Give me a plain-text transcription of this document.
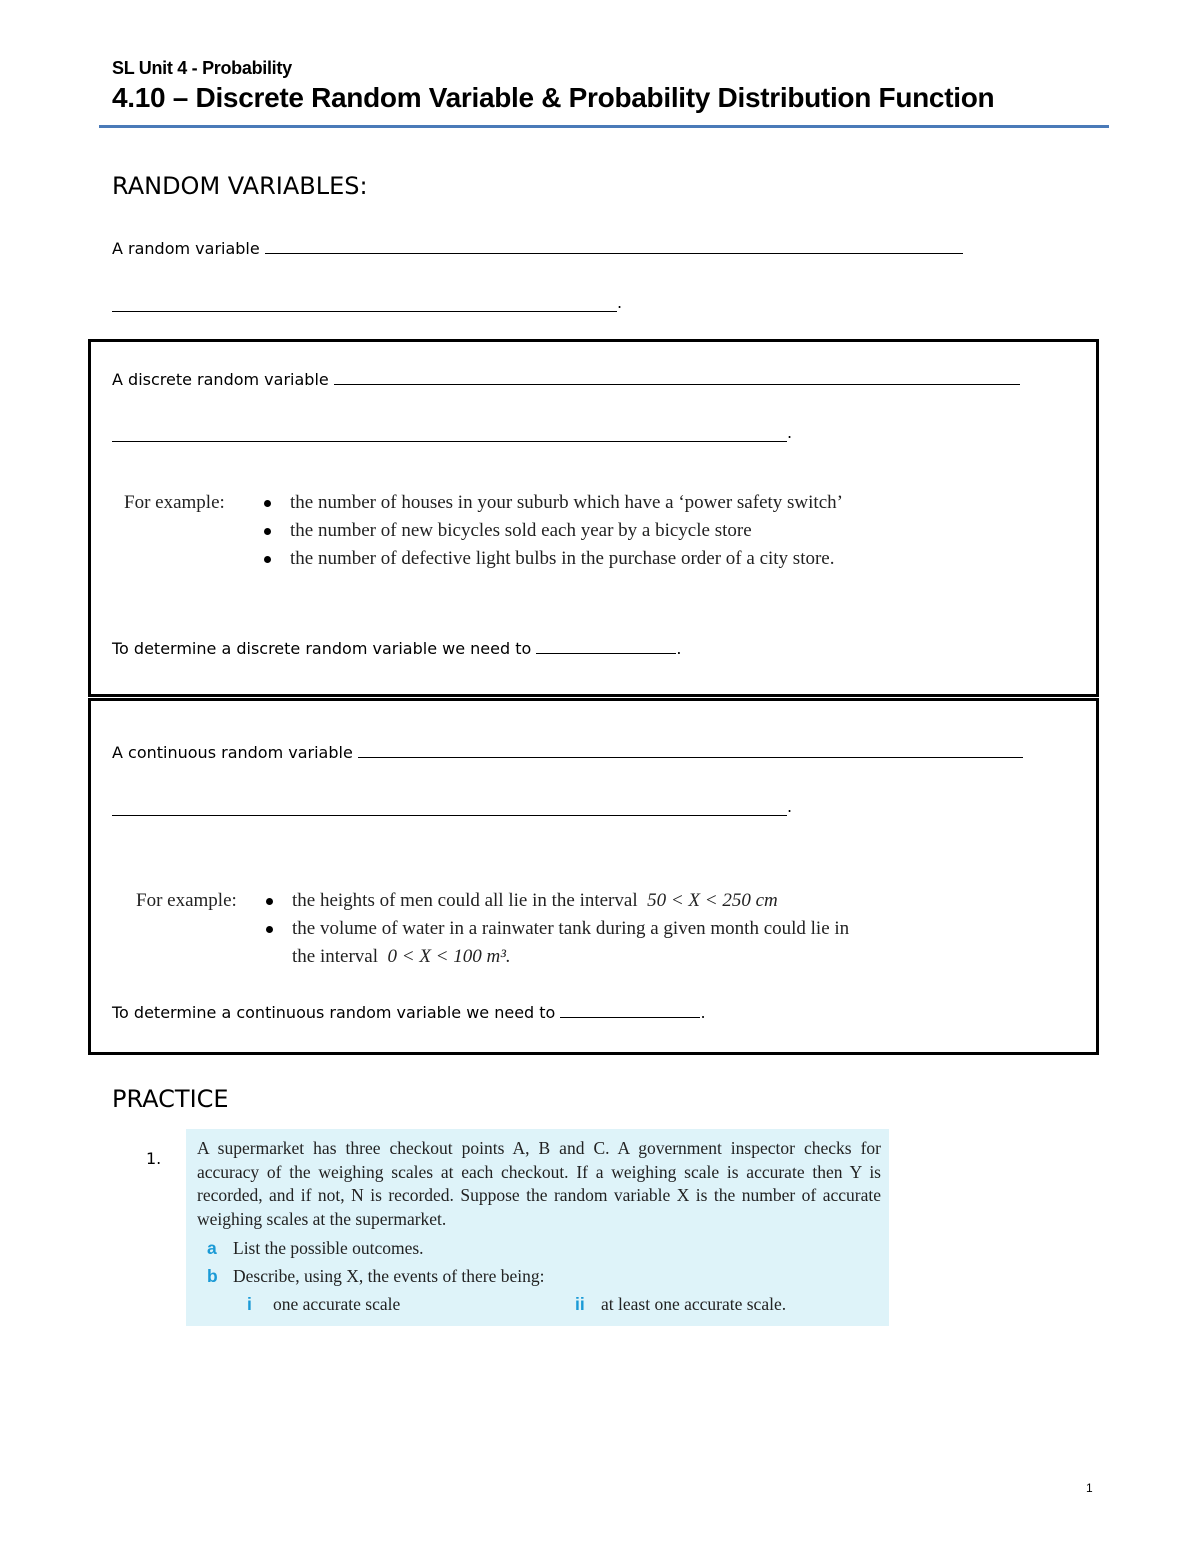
SL Unit 4 - Probability
4.10 – Discrete Random Variable & Probability Distribution Function
RANDOM VARIABLES:
A random variable
.
A discrete random variable
.
For example:	the number of houses in your suburb which have a ‘power safety switch’
the number of new bicycles sold each year by a bicycle store
the number of defective light bulbs in the purchase order of a city store.
To determine a discrete random variable we need to	.
A continuous random variable
.
For example:	the heights of men could all lie in the interval 50 < X < 250 cm
the volume of water in a rainwater tank during a given month could lie in
the interval 0 < X < 100 m³.
To determine a continuous random variable we need to	.
PRACTICE
1.
A supermarket has three checkout points A, B and C. A government inspector checks for accuracy of the weighing scales at each checkout. If a weighing scale is accurate then Y is recorded, and if not, N is recorded. Suppose the random variable X is the number of accurate weighing scales at the supermarket.
a List the possible outcomes.
b Describe, using X, the events of there being:
i one accurate scale	ii at least one accurate scale.
1
